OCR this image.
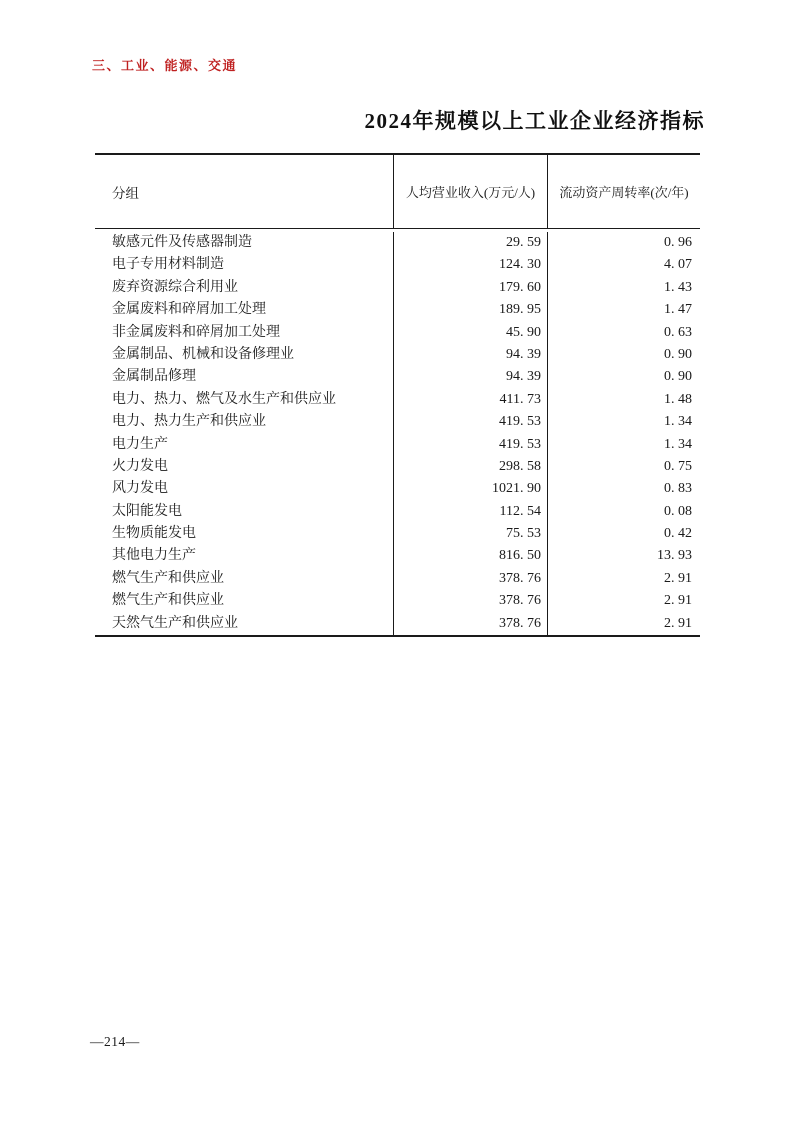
三、工业、能源、交通
2024年规模以上工业企业经济指标
分组	人均营业收入(万元/人)	流动资产周转率(次/年)
敏感元件及传感器制造	29. 59	0. 96
电子专用材料制造	124. 30	4. 07
废弃资源综合利用业	179. 60	1. 43
金属废料和碎屑加工处理	189. 95	1. 47
非金属废料和碎屑加工处理	45. 90	0. 63
金属制品、机械和设备修理业	94. 39	0. 90
金属制品修理	94. 39	0. 90
电力、热力、燃气及水生产和供应业	411. 73	1. 48
电力、热力生产和供应业	419. 53	1. 34
电力生产	419. 53	1. 34
火力发电	298. 58	0. 75
风力发电	1021. 90	0. 83
太阳能发电	112. 54	0. 08
生物质能发电	75. 53	0. 42
其他电力生产	816. 50	13. 93
燃气生产和供应业	378. 76	2. 91
燃气生产和供应业	378. 76	2. 91
天然气生产和供应业	378. 76	2. 91
—214—
